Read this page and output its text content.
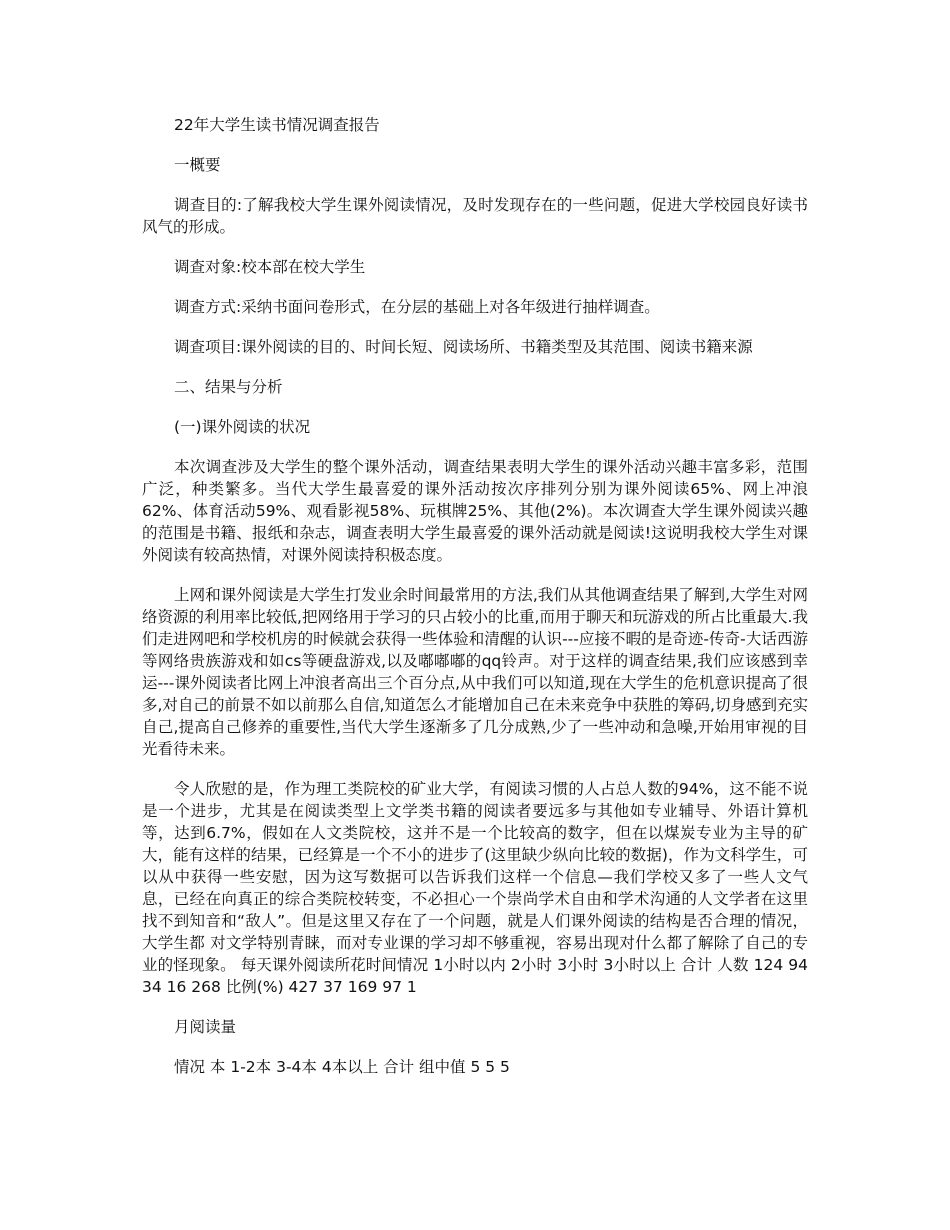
22年大学生读书情况调查报告

一概要

调查目的:了解我校大学生课外阅读情况，及时发现存在的一些问题，促进大学校园良好读书风气的形成。

调查对象:校本部在校大学生

调查方式:采纳书面问卷形式，在分层的基础上对各年级进行抽样调查。

调查项目:课外阅读的目的、时间长短、阅读场所、书籍类型及其范围、阅读书籍来源

二、结果与分析

(一)课外阅读的状况

本次调查涉及大学生的整个课外活动，调查结果表明大学生的课外活动兴趣丰富多彩，范围广泛，种类繁多。当代大学生最喜爱的课外活动按次序排列分别为课外阅读65%、网上冲浪62%、体育活动59%、观看影视58%、玩棋牌25%、其他(2%)。本次调查大学生课外阅读兴趣的范围是书籍、报纸和杂志，调查表明大学生最喜爱的课外活动就是阅读!这说明我校大学生对课外阅读有较高热情，对课外阅读持积极态度。

上网和课外阅读是大学生打发业余时间最常用的方法,我们从其他调查结果了解到,大学生对网络资源的利用率比较低,把网络用于学习的只占较小的比重,而用于聊天和玩游戏的所占比重最大.我们走进网吧和学校机房的时候就会获得一些体验和清醒的认识---应接不暇的是奇迹-传奇-大话西游等网络贵族游戏和如cs等硬盘游戏,以及嘟嘟嘟的qq铃声。对于这样的调查结果,我们应该感到幸运---课外阅读者比网上冲浪者高出三个百分点,从中我们可以知道,现在大学生的危机意识提高了很多,对自己的前景不如以前那么自信,知道怎么才能增加自己在未来竞争中获胜的筹码,切身感到充实自己,提高自己修养的重要性,当代大学生逐渐多了几分成熟,少了一些冲动和急噪,开始用审视的目光看待未来。

令人欣慰的是，作为理工类院校的矿业大学，有阅读习惯的人占总人数的94%，这不能不说是一个进步，尤其是在阅读类型上文学类书籍的阅读者要远多与其他如专业辅导、外语计算机等，达到6.7%，假如在人文类院校，这并不是一个比较高的数字，但在以煤炭专业为主导的矿大，能有这样的结果，已经算是一个不小的进步了(这里缺少纵向比较的数据)，作为文科学生，可以从中获得一些安慰，因为这写数据可以告诉我们这样一个信息—我们学校又多了一些人文气息，已经在向真正的综合类院校转变，不必担心一个崇尚学术自由和学术沟通的人文学者在这里找不到知音和“敌人”。但是这里又存在了一个问题，就是人们课外阅读的结构是否合理的情况，大学生都 对文学特别青睐，而对专业课的学习却不够重视，容易出现对什么都了解除了自己的专业的怪现象。 每天课外阅读所花时间情况 1小时以内 2小时 3小时 3小时以上 合计 人数 124 94 34 16 268 比例(%) 427 37 169 97 1

月阅读量

情况 本 1-2本 3-4本 4本以上 合计 组中值 5 5 5
